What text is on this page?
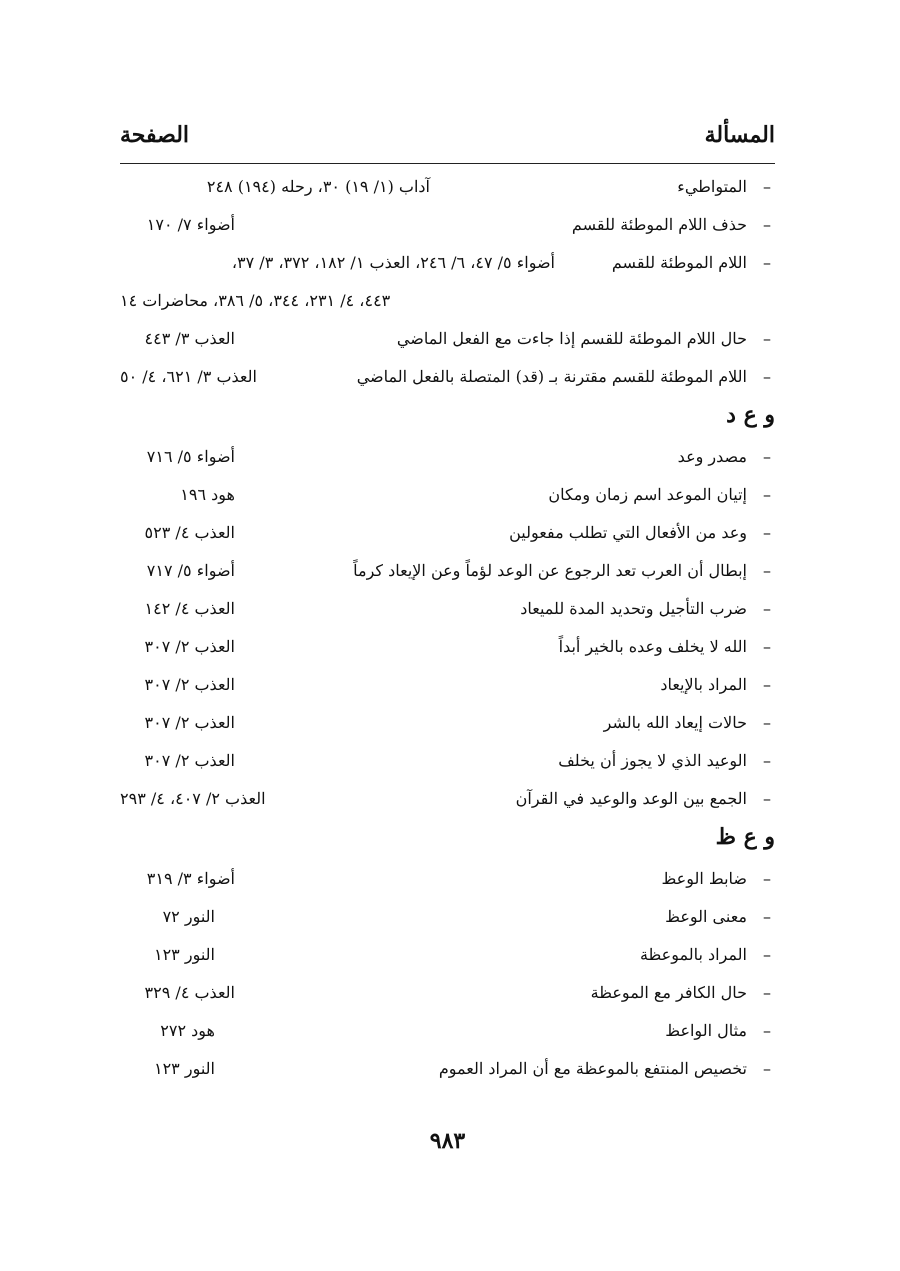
المسألة
الصفحة
–
المتواطيء
آداب (١/ ١٩) ٣٠، رحله (١٩٤) ٢٤٨
–
حذف اللام الموطئة للقسم
أضواء ٧/ ١٧٠
–
اللام الموطئة للقسم
أضواء ٥/ ٤٧، ٦/ ٢٤٦، العذب ١/ ١٨٢، ٣٧٢، ٣/ ٣٧،
٤٤٣، ٤/ ٢٣١، ٣٤٤، ٥/ ٣٨٦، محاضرات ١٤
–
حال اللام الموطئة للقسم إذا جاءت مع الفعل الماضي
العذب ٣/ ٤٤٣
–
اللام الموطئة للقسم مقترنة بـ (قد) المتصلة بالفعل الماضي
العذب ٣/ ٦٢١، ٤/ ٥٠
و ع د
–
مصدر وعد
أضواء ٥/ ٧١٦
–
إتيان الموعد اسم زمان ومكان
هود ١٩٦
–
وعد من الأفعال التي تطلب مفعولين
العذب ٤/ ٥٢٣
–
إبطال أن العرب تعد الرجوع عن الوعد لؤماً وعن الإيعاد كرماً
أضواء ٥/ ٧١٧
–
ضرب التأجيل وتحديد المدة للميعاد
العذب ٤/ ١٤٢
–
الله لا يخلف وعده بالخير أبداً
العذب ٢/ ٣٠٧
–
المراد بالإيعاد
العذب ٢/ ٣٠٧
–
حالات إيعاد الله بالشر
العذب ٢/ ٣٠٧
–
الوعيد الذي لا يجوز أن يخلف
العذب ٢/ ٣٠٧
–
الجمع بين الوعد والوعيد في القرآن
العذب ٢/ ٤٠٧، ٤/ ٢٩٣
و ع ظ
–
ضابط الوعظ
أضواء ٣/ ٣١٩
–
معنى الوعظ
النور ٧٢
–
المراد بالموعظة
النور ١٢٣
–
حال الكافر مع الموعظة
العذب ٤/ ٣٢٩
–
مثال الواعظ
هود ٢٧٢
–
تخصيص المنتفع بالموعظة مع أن المراد العموم
النور ١٢٣
٩٨٣
